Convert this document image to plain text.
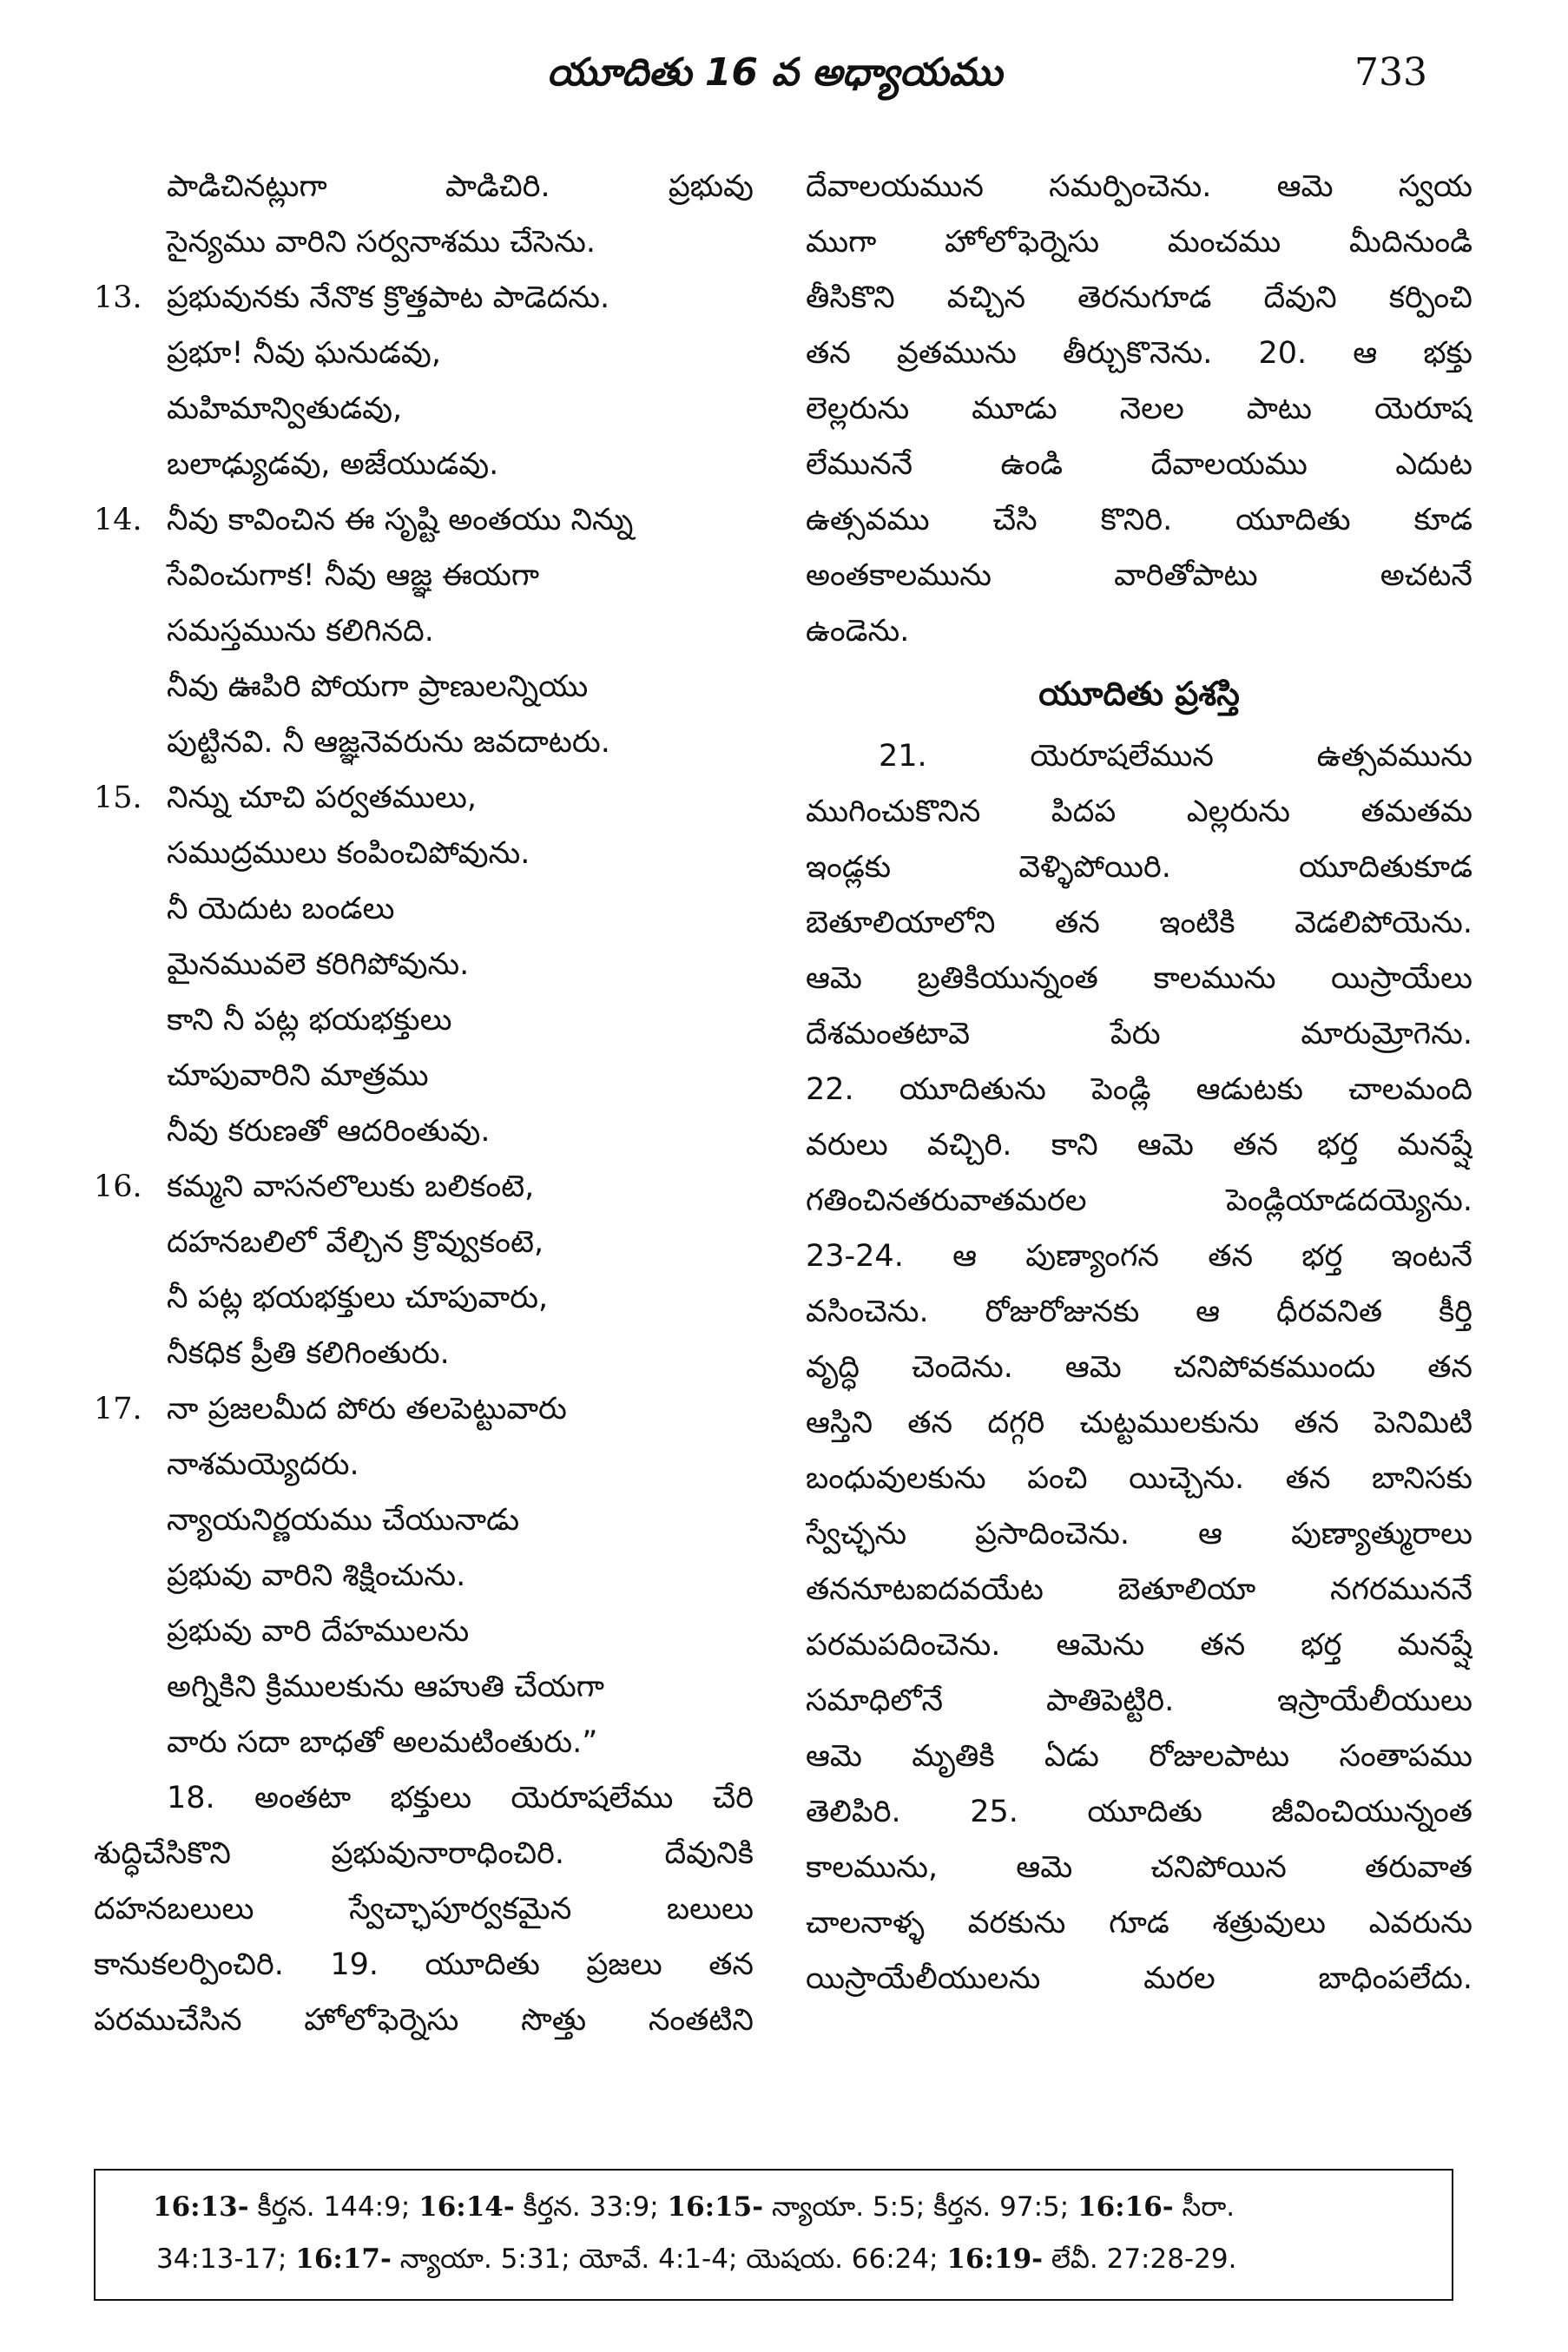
యూదితు 16 వ అధ్యాయము	733
పాడిచినట్లుగా పాడిచిరి. ప్రభువు
సైన్యము వారిని సర్వనాశము చేసెను.
13. ప్రభువునకు నేనొక క్రొత్తపాట పాడెదను.
ప్రభూ! నీవు ఘనుడవు,
మహిమాన్వితుడవు,
బలాఢ్యుడవు, అజేయుడవు.
14. నీవు కావించిన ఈ సృష్టి అంతయు నిన్ను
సేవించుగాక! నీవు ఆజ్ఞ ఈయగా
సమస్తమును కలిగినది.
నీవు ఊపిరి పోయగా ప్రాణులన్నియు
పుట్టినవి. నీ ఆజ్ఞనెవరును జవదాటరు.
15. నిన్ను చూచి పర్వతములు,
సముద్రములు కంపించిపోవును.
నీ యెదుట బండలు
మైనమువలె కరిగిపోవును.
కాని నీ పట్ల భయభక్తులు
చూపువారిని మాత్రము
నీవు కరుణతో ఆదరింతువు.
16. కమ్మని వాసనలొలుకు బలికంటె,
దహనబలిలో వేల్చిన క్రొవ్వుకంటె,
నీ పట్ల భయభక్తులు చూపువారు,
నీకధిక ప్రీతి కలిగింతురు.
17. నా ప్రజలమీద పోరు తలపెట్టువారు
నాశమయ్యెదరు.
న్యాయనిర్ణయము చేయునాడు
ప్రభువు వారిని శిక్షించును.
ప్రభువు వారి దేహములను
అగ్నికిని క్రిములకును ఆహుతి చేయగా
వారు సదా బాధతో అలమటింతురు.”
18. అంతటా భక్తులు యెరూషలేము చేరి
శుద్ధిచేసికొని ప్రభువునారాధించిరి. దేవునికి
దహనబలులు స్వేచ్ఛాపూర్వకమైన బలులు
కానుకలర్పించిరి. 19. యూదితు ప్రజలు తన
పరముచేసిన హోలోఫెర్నెసు సొత్తు నంతటిని
దేవాలయమున సమర్పించెను. ఆమె స్వయ
ముగా హోలోఫెర్నెసు మంచము మీదినుండి
తీసికొని వచ్చిన తెరనుగూడ దేవుని కర్పించి
తన వ్రతమును తీర్చుకొనెను. 20. ఆ భక్తు
లెల్లరును మూడు నెలల పాటు యెరూష
లేముననే ఉండి దేవాలయము ఎదుట
ఉత్సవము చేసి కొనిరి. యూదితు కూడ
అంతకాలమును వారితోపాటు అచటనే
ఉండెను.
యూదితు ప్రశస్తి
21. యెరూషలేమున ఉత్సవమును
ముగించుకొనిన పిదప ఎల్లరును తమతమ
ఇండ్లకు వెళ్ళిపోయిరి. యూదితుకూడ
బెతూలియాలోని తన ఇంటికి వెడలిపోయెను.
ఆమె బ్రతికియున్నంత కాలమును యిస్రాయేలు
దేశమంతటావె పేరు మారుమ్రోగెను.
22. యూదితును పెండ్లి ఆడుటకు చాలమంది
వరులు వచ్చిరి. కాని ఆమె తన భర్త మనష్షే
గతించినతరువాతమరల పెండ్లియాడదయ్యెను.
23-24. ఆ పుణ్యాంగన తన భర్త ఇంటనే
వసించెను. రోజురోజునకు ఆ ధీరవనిత కీర్తి
వృద్ధి చెందెను. ఆమె చనిపోవకముందు తన
ఆస్తిని తన దగ్గరి చుట్టములకును తన పెనిమిటి
బంధువులకును పంచి యిచ్చెను. తన బానిసకు
స్వేచ్ఛను ప్రసాదించెను. ఆ పుణ్యాత్మురాలు
తననూటఐదవయేట బెతూలియా నగరముననే
పరమపదించెను. ఆమెను తన భర్త మనష్షే
సమాధిలోనే పాతిపెట్టిరి. ఇస్రాయేలీయులు
ఆమె మృతికి ఏడు రోజులపాటు సంతాపము
తెలిపిరి. 25. యూదితు జీవించియున్నంత
కాలమును, ఆమె చనిపోయిన తరువాత
చాలనాళ్ళ వరకును గూడ శత్రువులు ఎవరును
యిస్రాయేలీయులను మరల బాధింపలేదు.
16:13- కీర్తన. 144:9; 16:14- కీర్తన. 33:9; 16:15- న్యాయా. 5:5; కీర్తన. 97:5; 16:16- సీరా.
34:13-17; 16:17- న్యాయా. 5:31; యోవే. 4:1-4; యెషయ. 66:24; 16:19- లేవీ. 27:28-29.
